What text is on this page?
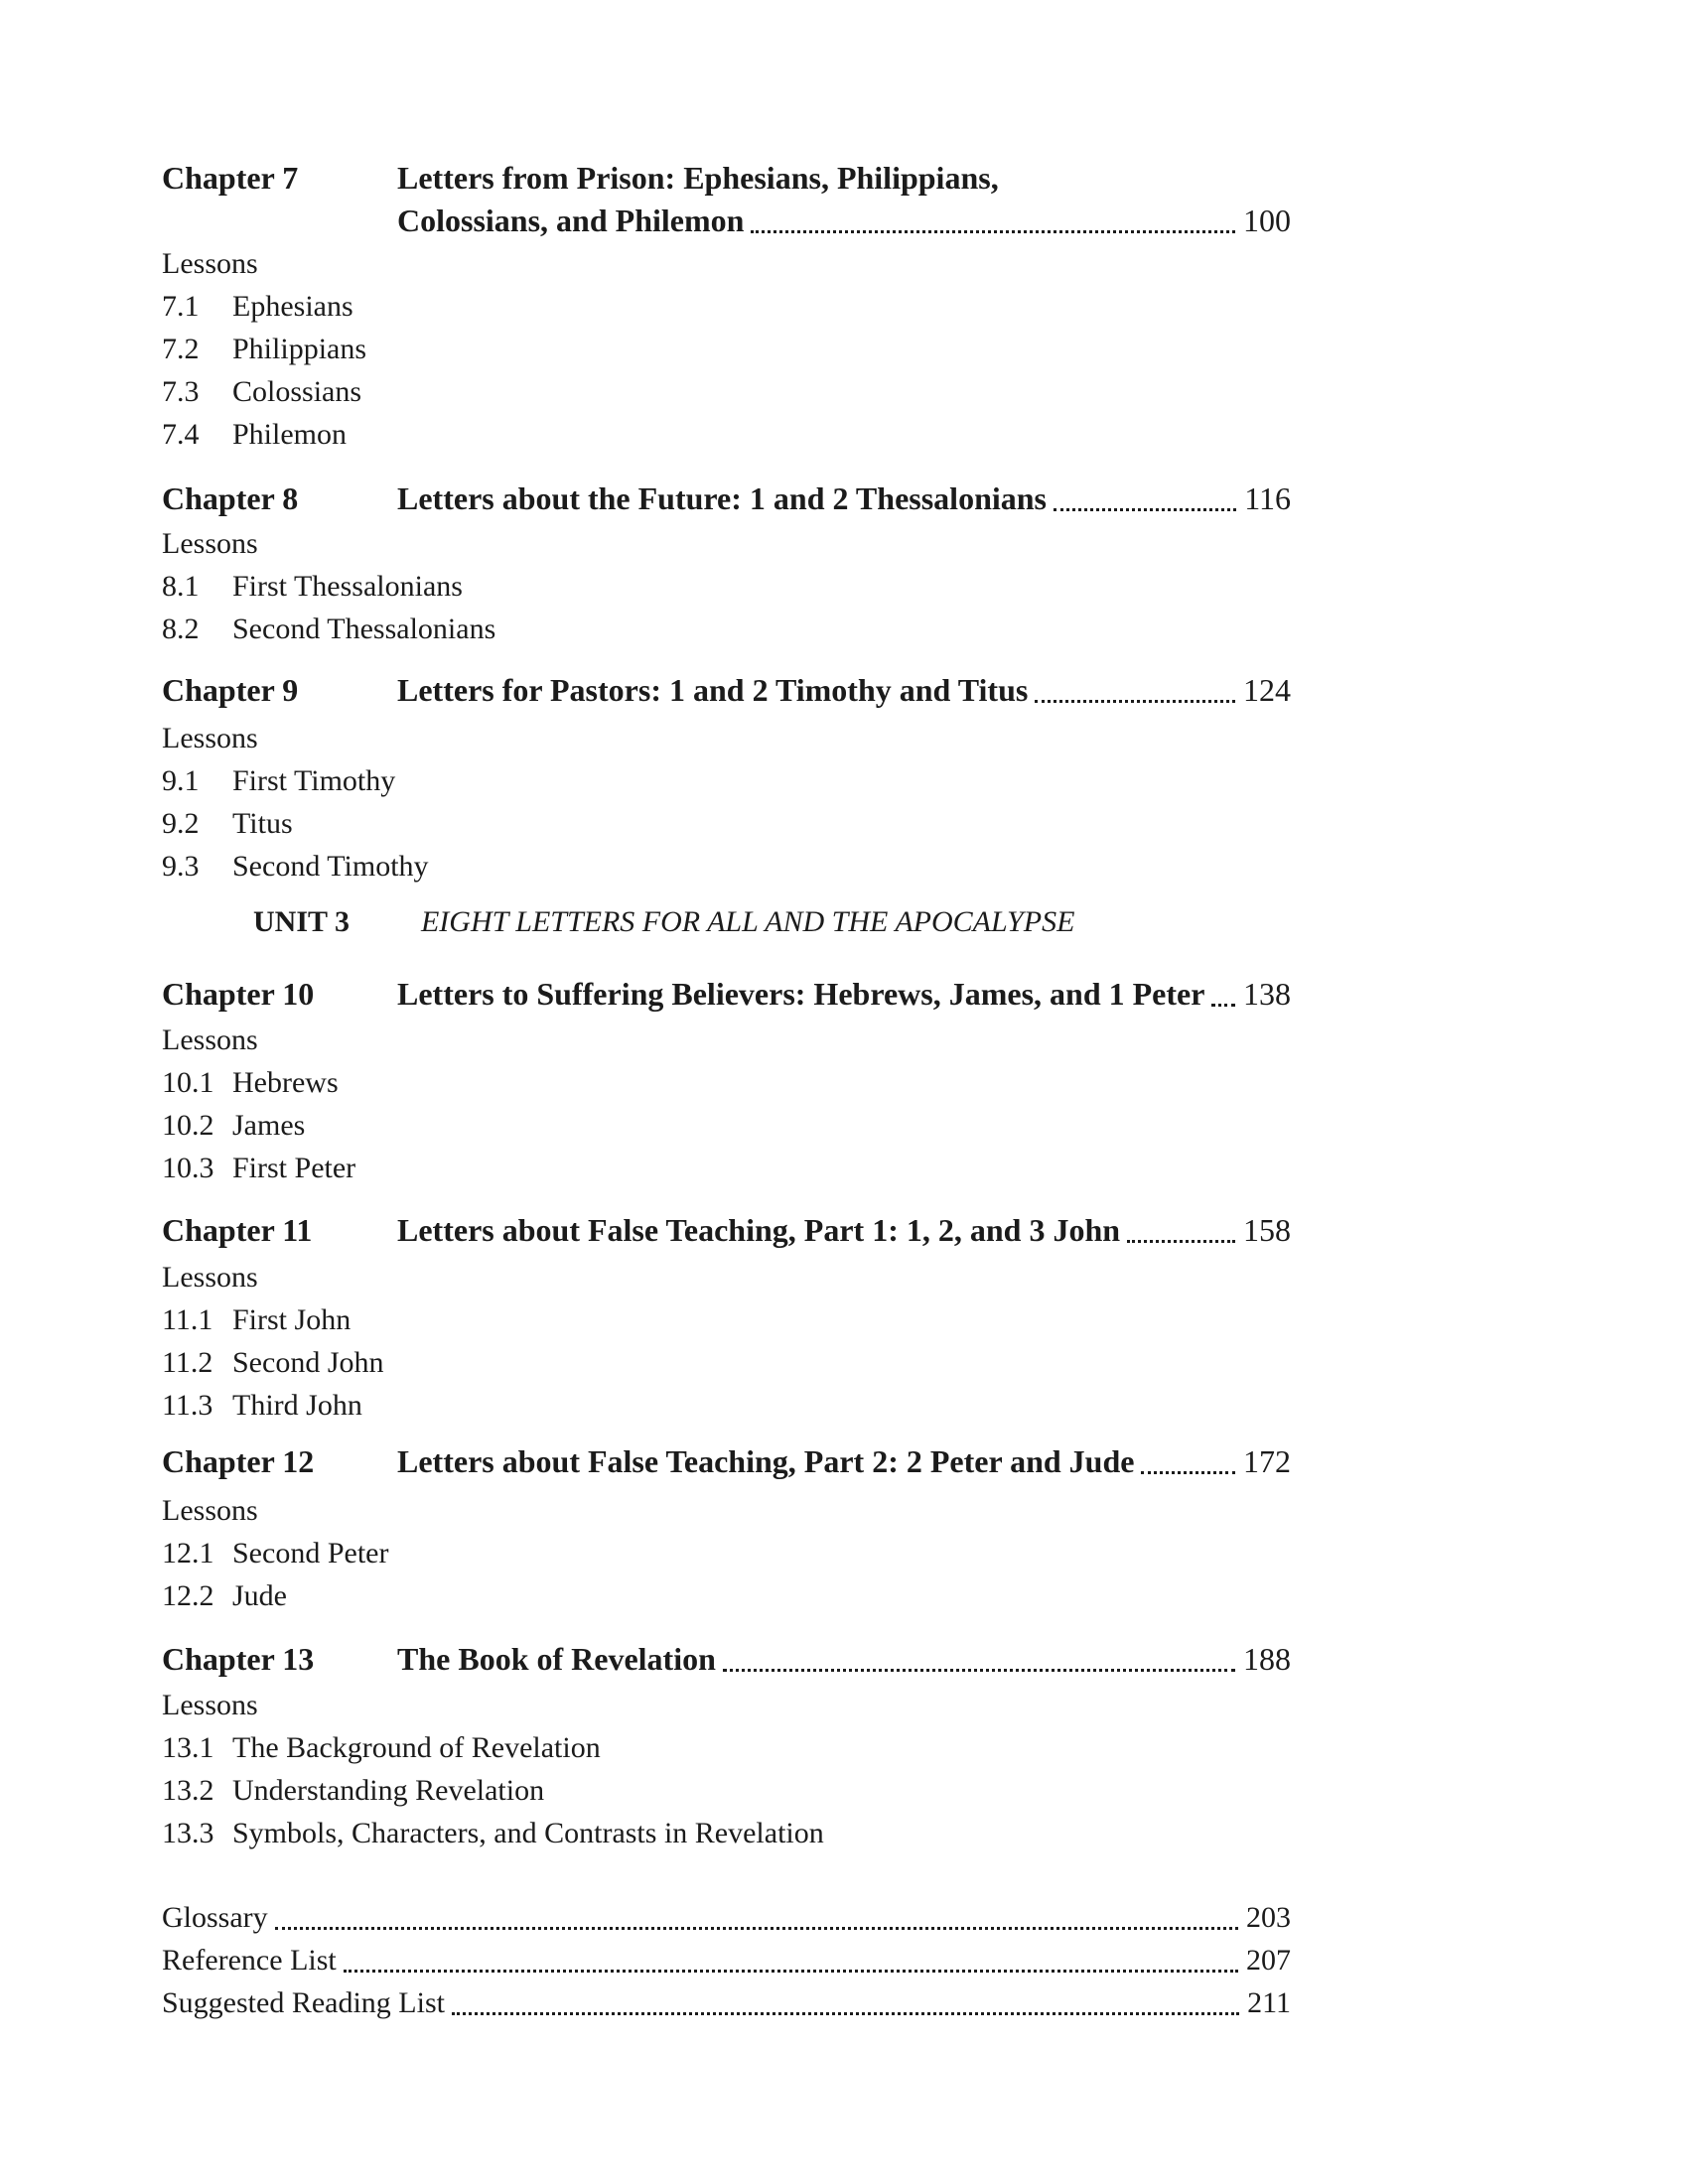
Chapter 7	Letters from Prison: Ephesians, Philippians,
Colossians, and Philemon	100
Lessons
7.1	Ephesians
7.2	Philippians
7.3	Colossians
7.4	Philemon
Chapter 8	Letters about the Future: 1 and 2 Thessalonians	116
Lessons
8.1	First Thessalonians
8.2	Second Thessalonians
Chapter 9	Letters for Pastors: 1 and 2 Timothy and Titus	124
Lessons
9.1	First Timothy
9.2	Titus
9.3	Second Timothy
UNIT 3 EIGHT LETTERS FOR ALL AND THE APOCALYPSE
Chapter 10	Letters to Suffering Believers: Hebrews, James, and 1 Peter 138
Lessons
10.1 Hebrews
10.2 James
10.3 First Peter
Chapter 11	Letters about False Teaching, Part 1: 1, 2, and 3 John	158
Lessons
11.1 First John
11.2 Second John
11.3 Third John
Chapter 12	Letters about False Teaching, Part 2: 2 Peter and Jude	172
Lessons
12.1 Second Peter
12.2 Jude
Chapter 13	The Book of Revelation	188
Lessons
13.1 The Background of Revelation
13.2 Understanding Revelation
13.3 Symbols, Characters, and Contrasts in Revelation
Glossary	203
Reference List	207
Suggested Reading List	211
